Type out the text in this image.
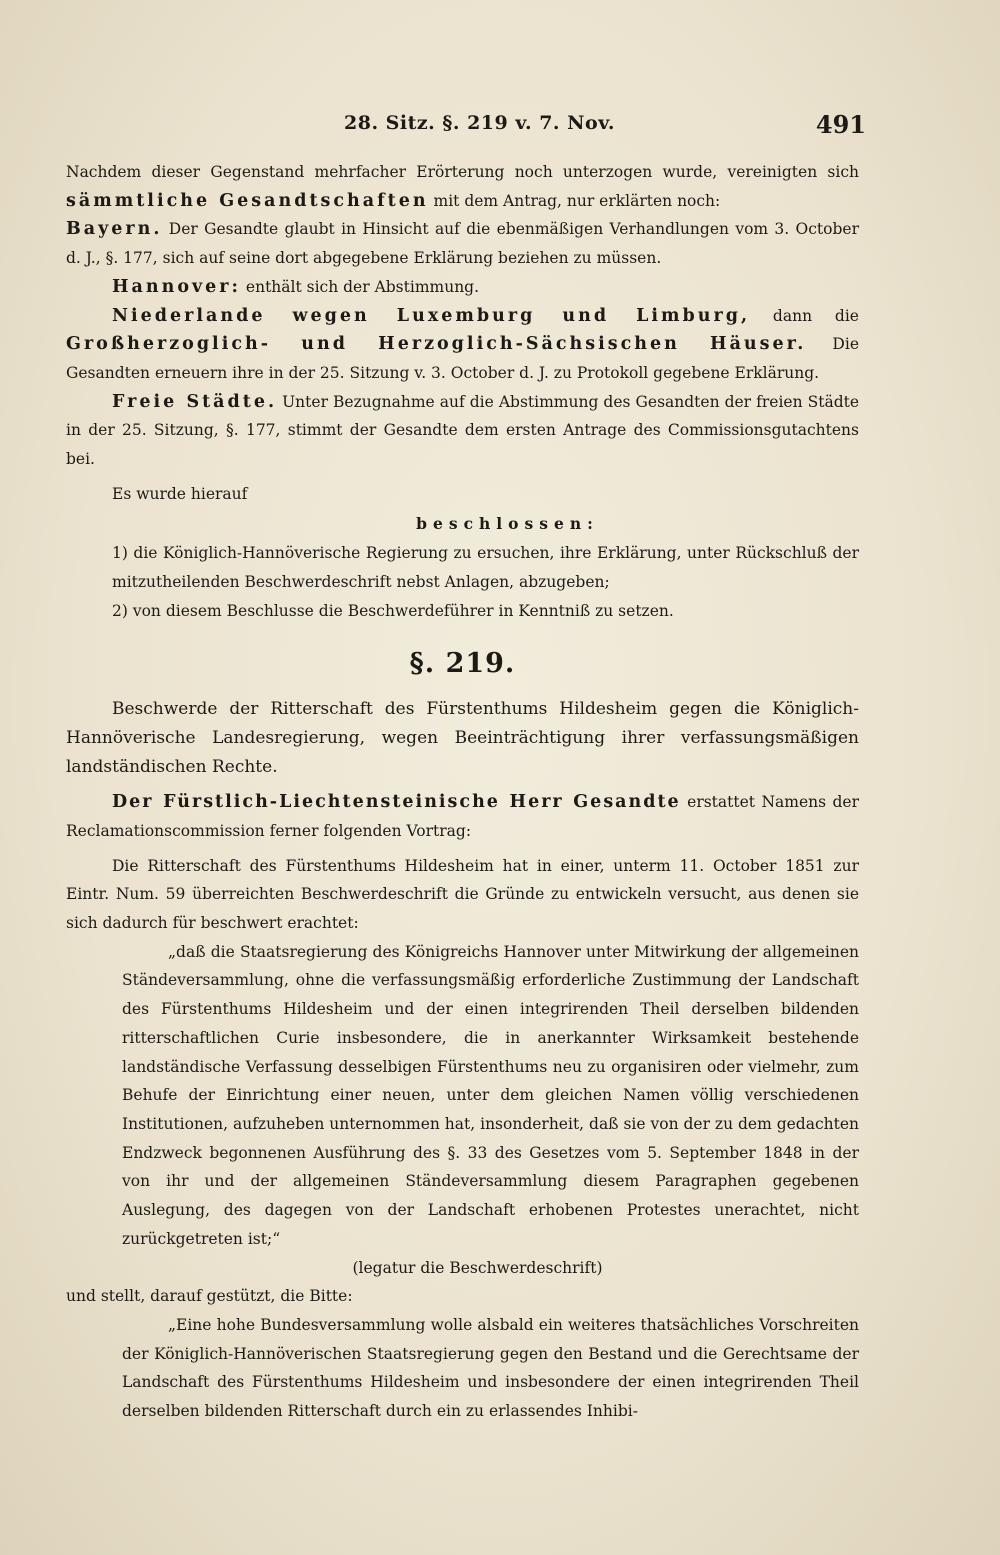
28. Sitz. §. 219 v. 7. Nov.	491

Nachdem dieser Gegenstand mehrfacher Erörterung noch unterzogen wurde, vereinigten sich sämmtliche Gesandtschaften mit dem Antrag, nur erklärten noch:

Bayern. Der Gesandte glaubt in Hinsicht auf die ebenmäßigen Verhandlungen vom 3. October d. J., §. 177, sich auf seine dort abgegebene Erklärung beziehen zu müssen.

Hannover: enthält sich der Abstimmung.

Niederlande wegen Luxemburg und Limburg, dann die Großherzoglich- und Herzoglich-Sächsischen Häuser. Die Gesandten erneuern ihre in der 25. Sitzung v. 3. October d. J. zu Protokoll gegebene Erklärung.

Freie Städte. Unter Bezugnahme auf die Abstimmung des Gesandten der freien Städte in der 25. Sitzung, §. 177, stimmt der Gesandte dem ersten Antrage des Commissionsgutachtens bei.

Es wurde hierauf

beschlossen:

1) die Königlich-Hannöverische Regierung zu ersuchen, ihre Erklärung, unter Rückschluß der mitzutheilenden Beschwerdeschrift nebst Anlagen, abzugeben;

2) von diesem Beschlusse die Beschwerdeführer in Kenntniß zu setzen.

§. 219.

Beschwerde der Ritterschaft des Fürstenthums Hildesheim gegen die Königlich-Hannöverische Landesregierung, wegen Beeinträchtigung ihrer verfassungsmäßigen landständischen Rechte.

Der Fürstlich-Liechtensteinische Herr Gesandte erstattet Namens der Reclamationscommission ferner folgenden Vortrag:

Die Ritterschaft des Fürstenthums Hildesheim hat in einer, unterm 11. October 1851 zur Eintr. Num. 59 überreichten Beschwerdeschrift die Gründe zu entwickeln versucht, aus denen sie sich dadurch für beschwert erachtet:

„daß die Staatsregierung des Königreichs Hannover unter Mitwirkung der allgemeinen Ständeversammlung, ohne die verfassungsmäßig erforderliche Zustimmung der Landschaft des Fürstenthums Hildesheim und der einen integrirenden Theil derselben bildenden ritterschaftlichen Curie insbesondere, die in anerkannter Wirksamkeit bestehende landständische Verfassung desselbigen Fürstenthums neu zu organisiren oder vielmehr, zum Behufe der Einrichtung einer neuen, unter dem gleichen Namen völlig verschiedenen Institutionen, aufzuheben unternommen hat, insonderheit, daß sie von der zu dem gedachten Endzweck begonnenen Ausführung des §. 33 des Gesetzes vom 5. September 1848 in der von ihr und der allgemeinen Ständeversammlung diesem Paragraphen gegebenen Auslegung, des dagegen von der Landschaft erhobenen Protestes unerachtet, nicht zurückgetreten ist;“

(legatur die Beschwerdeschrift)

und stellt, darauf gestützt, die Bitte:

„Eine hohe Bundesversammlung wolle alsbald ein weiteres thatsächliches Vorschreiten der Königlich-Hannöverischen Staatsregierung gegen den Bestand und die Gerechtsame der Landschaft des Fürstenthums Hildesheim und insbesondere der einen integrirenden Theil derselben bildenden Ritterschaft durch ein zu erlassendes Inhibi-
